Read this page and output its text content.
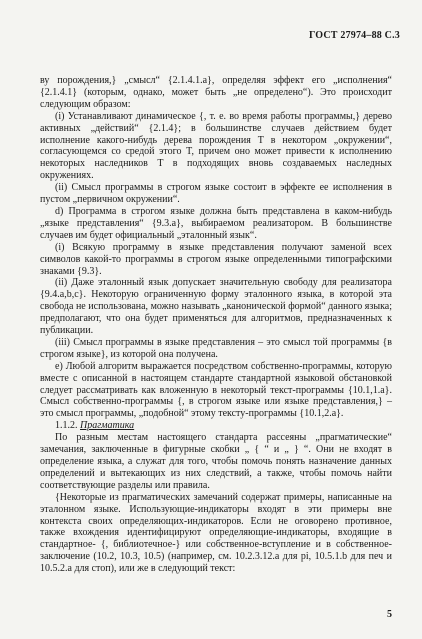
ГОСТ 27974–88 С.3

ву порождения,} „смысл“ {2.1.4.1.a}, определяя эффект его „исполнения“ {2.1.4.1} (которым, однако, может быть „не определено“). Это происходит следующим образом:

(i) Устанавливают динамическое {, т. е. во время работы программы,} дерево активных „действий“ {2.1.4}; в большинстве случаев действием будет исполнение какого-нибудь дерева порождения T в некотором „окружении“, согласующемся со средой этого T, причем оно может привести к исполнению некоторых наследников T в подходящих вновь создаваемых наследных окружениях.

(ii) Смысл программы в строгом языке состоит в эффекте ее исполнения в пустом „первичном окружении“.

d) Программа в строгом языке должна быть представлена в каком-нибудь „языке представления“ {9.3.a}, выбираемом реализатором. В большинстве случаев им будет официальный „эталонный язык“.

(i) Всякую программу в языке представления получают заменой всех символов какой-то программы в строгом языке определенными типографскими знаками {9.3}.

(ii) Даже эталонный язык допускает значительную свободу для реализатора {9.4.a,b,c}. Некоторую ограниченную форму эталонного языка, в которой эта свобода не использована, можно называть „канонической формой“ данного языка; предполагают, что она будет применяться для алгоритмов, предназначенных к публикации.

(iii) Смысл программы в языке представления – это смысл той программы {в строгом языке}, из которой она получена.

e) Любой алгоритм выражается посредством собственно-программы, которую вместе с описанной в настоящем стандарте стандартной языковой обстановкой следует рассматривать как вложенную в некоторый текст-программы {10.1,1.a}. Смысл собственно-программы {, в строгом языке или языке представления,} – это смысл программы, „подобной“ этому тексту-программы {10.1,2.a}.

1.1.2. Прагматика

По разным местам настоящего стандарта рассеяны „прагматические“ замечания, заключенные в фигурные скобки „ { “ и „ } “. Они не входят в определение языка, а служат для того, чтобы помочь понять назначение данных определений и вытекающих из них следствий, а также, чтобы помочь найти соответствующие разделы или правила.

{Некоторые из прагматических замечаний содержат примеры, написанные на эталонном языке. Использующие-индикаторы входят в эти примеры вне контекста своих определяющих-индикаторов. Если не оговорено противное, также вхождения идентифицируют определяющие-индикаторы, входящие в стандартное- {, библиотечное-} или собственное-вступление и в собственное-заключение (10.2, 10.3, 10.5) (например, см. 10.2.3.12.a для pi, 10.5.1.b для печ и 10.5.2.a для стоп), или же в следующий текст:

5
